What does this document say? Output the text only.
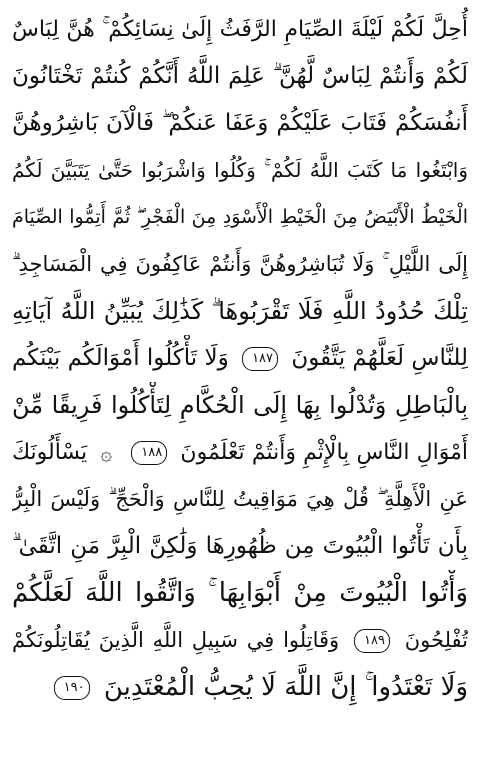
أُحِلَّ لَكُمْ لَيْلَةَ الصِّيَامِ الرَّفَثُ إِلَىٰ نِسَائِكُمْ ۚ هُنَّ لِبَاسٌ
لَكُمْ وَأَنتُمْ لِبَاسٌ لَّهُنَّ ۗ عَلِمَ اللَّهُ أَنَّكُمْ كُنتُمْ تَخْتَانُونَ
أَنفُسَكُمْ فَتَابَ عَلَيْكُمْ وَعَفَا عَنكُمْ ۖ فَالْآنَ بَاشِرُوهُنَّ
وَابْتَغُوا مَا كَتَبَ اللَّهُ لَكُمْ ۚ وَكُلُوا وَاشْرَبُوا حَتَّىٰ يَتَبَيَّنَ لَكُمُ
الْخَيْطُ الْأَبْيَضُ مِنَ الْخَيْطِ الْأَسْوَدِ مِنَ الْفَجْرِ ۖ ثُمَّ أَتِمُّوا الصِّيَامَ
إِلَى اللَّيْلِ ۚ وَلَا تُبَاشِرُوهُنَّ وَأَنتُمْ عَاكِفُونَ فِي الْمَسَاجِدِ ۗ
تِلْكَ حُدُودُ اللَّهِ فَلَا تَقْرَبُوهَا ۗ كَذَٰلِكَ يُبَيِّنُ اللَّهُ آيَاتِهِ
لِلنَّاسِ لَعَلَّهُمْ يَتَّقُونَ ١٨٧ وَلَا تَأْكُلُوا أَمْوَالَكُم بَيْنَكُم
بِالْبَاطِلِ وَتُدْلُوا بِهَا إِلَى الْحُكَّامِ لِتَأْكُلُوا فَرِيقًا مِّنْ
أَمْوَالِ النَّاسِ بِالْإِثْمِ وَأَنتُمْ تَعْلَمُونَ ١٨٨ ۞ يَسْأَلُونَكَ
عَنِ الْأَهِلَّةِ ۖ قُلْ هِيَ مَوَاقِيتُ لِلنَّاسِ وَالْحَجِّ ۗ وَلَيْسَ الْبِرُّ
بِأَن تَأْتُوا الْبُيُوتَ مِن ظُهُورِهَا وَلَٰكِنَّ الْبِرَّ مَنِ اتَّقَىٰ ۗ
وَأْتُوا الْبُيُوتَ مِنْ أَبْوَابِهَا ۚ وَاتَّقُوا اللَّهَ لَعَلَّكُمْ
تُفْلِحُونَ ١٨٩ وَقَاتِلُوا فِي سَبِيلِ اللَّهِ الَّذِينَ يُقَاتِلُونَكُمْ
وَلَا تَعْتَدُوا ۚ إِنَّ اللَّهَ لَا يُحِبُّ الْمُعْتَدِينَ ١٩٠
